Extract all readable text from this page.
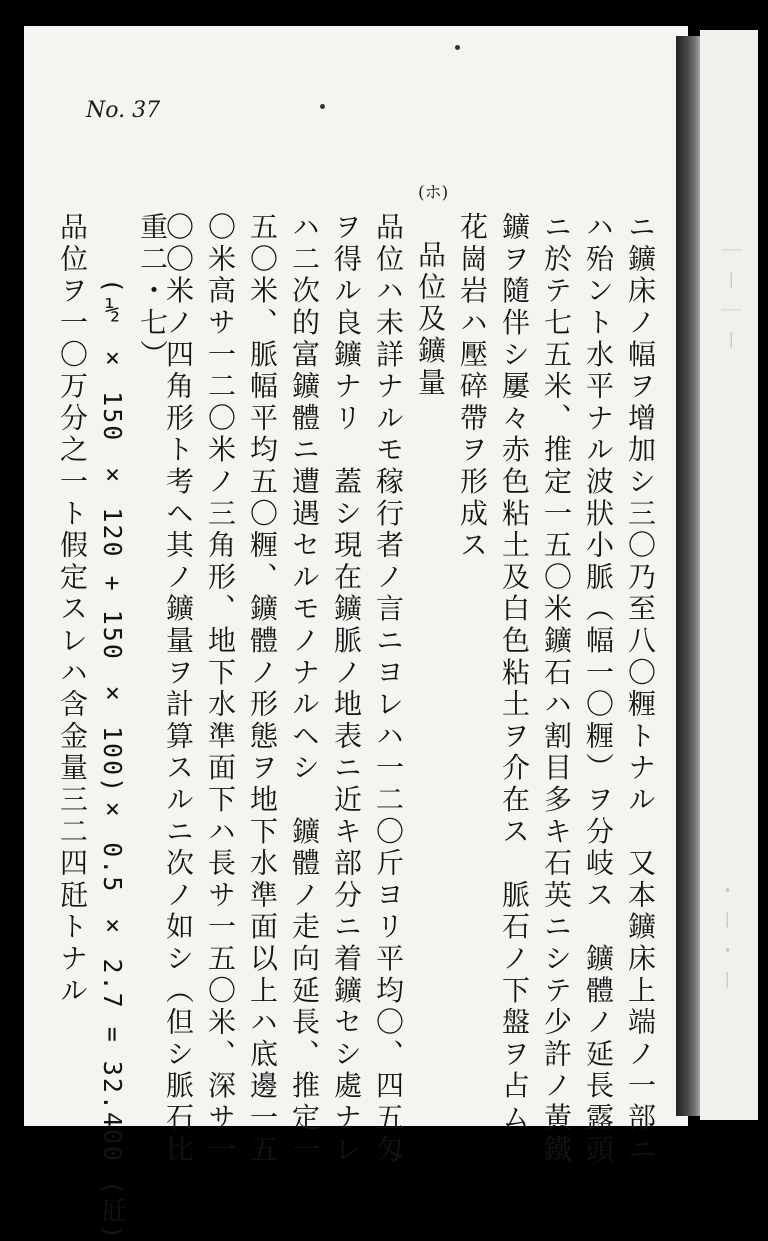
｜ー｜ー
・ー・ー
No. 37
(ホ)
ニ鑛床ノ幅ヲ增加シ三〇乃至八〇糎トナル　又本鑛床上端ノ一部ニ
ハ殆ント水平ナル波狀小脈（幅一〇糎）ヲ分岐ス　鑛體ノ延長露頭
ニ於テ七五米、推定一五〇米鑛石ハ割目多キ石英ニシテ少許ノ黃鐵
鑛ヲ隨伴シ屢々赤色粘土及白色粘土ヲ介在ス　脈石ノ下盤ヲ占ム
花崗岩ハ壓碎帶ヲ形成ス
品位及鑛量
品位ハ未詳ナルモ稼行者ノ言ニヨレハ一二〇斤ヨリ平均〇、四五匁
ヲ得ル良鑛ナリ　蓋シ現在鑛脈ノ地表ニ近キ部分ニ着鑛セシ處ナレ
ハ二次的富鑛體ニ遭遇セルモノナルヘシ　鑛體ノ走向延長、推定一
五〇米、脈幅平均五〇糎、鑛體ノ形態ヲ地下水準面以上ハ底邊一五
〇米高サ一二〇米ノ三角形、地下水準面下ハ長サ一五〇米、深サ一
〇〇米ノ四角形ト考ヘ其ノ鑛量ヲ計算スルニ次ノ如シ（但シ脈石比
重二・七）
(½ × 150 × 120 + 150 × 100)× 0.5 × 2.7 = 32.400 (瓩)
品位ヲ一〇万分之一ト假定スレハ含金量三二四瓩トナル
